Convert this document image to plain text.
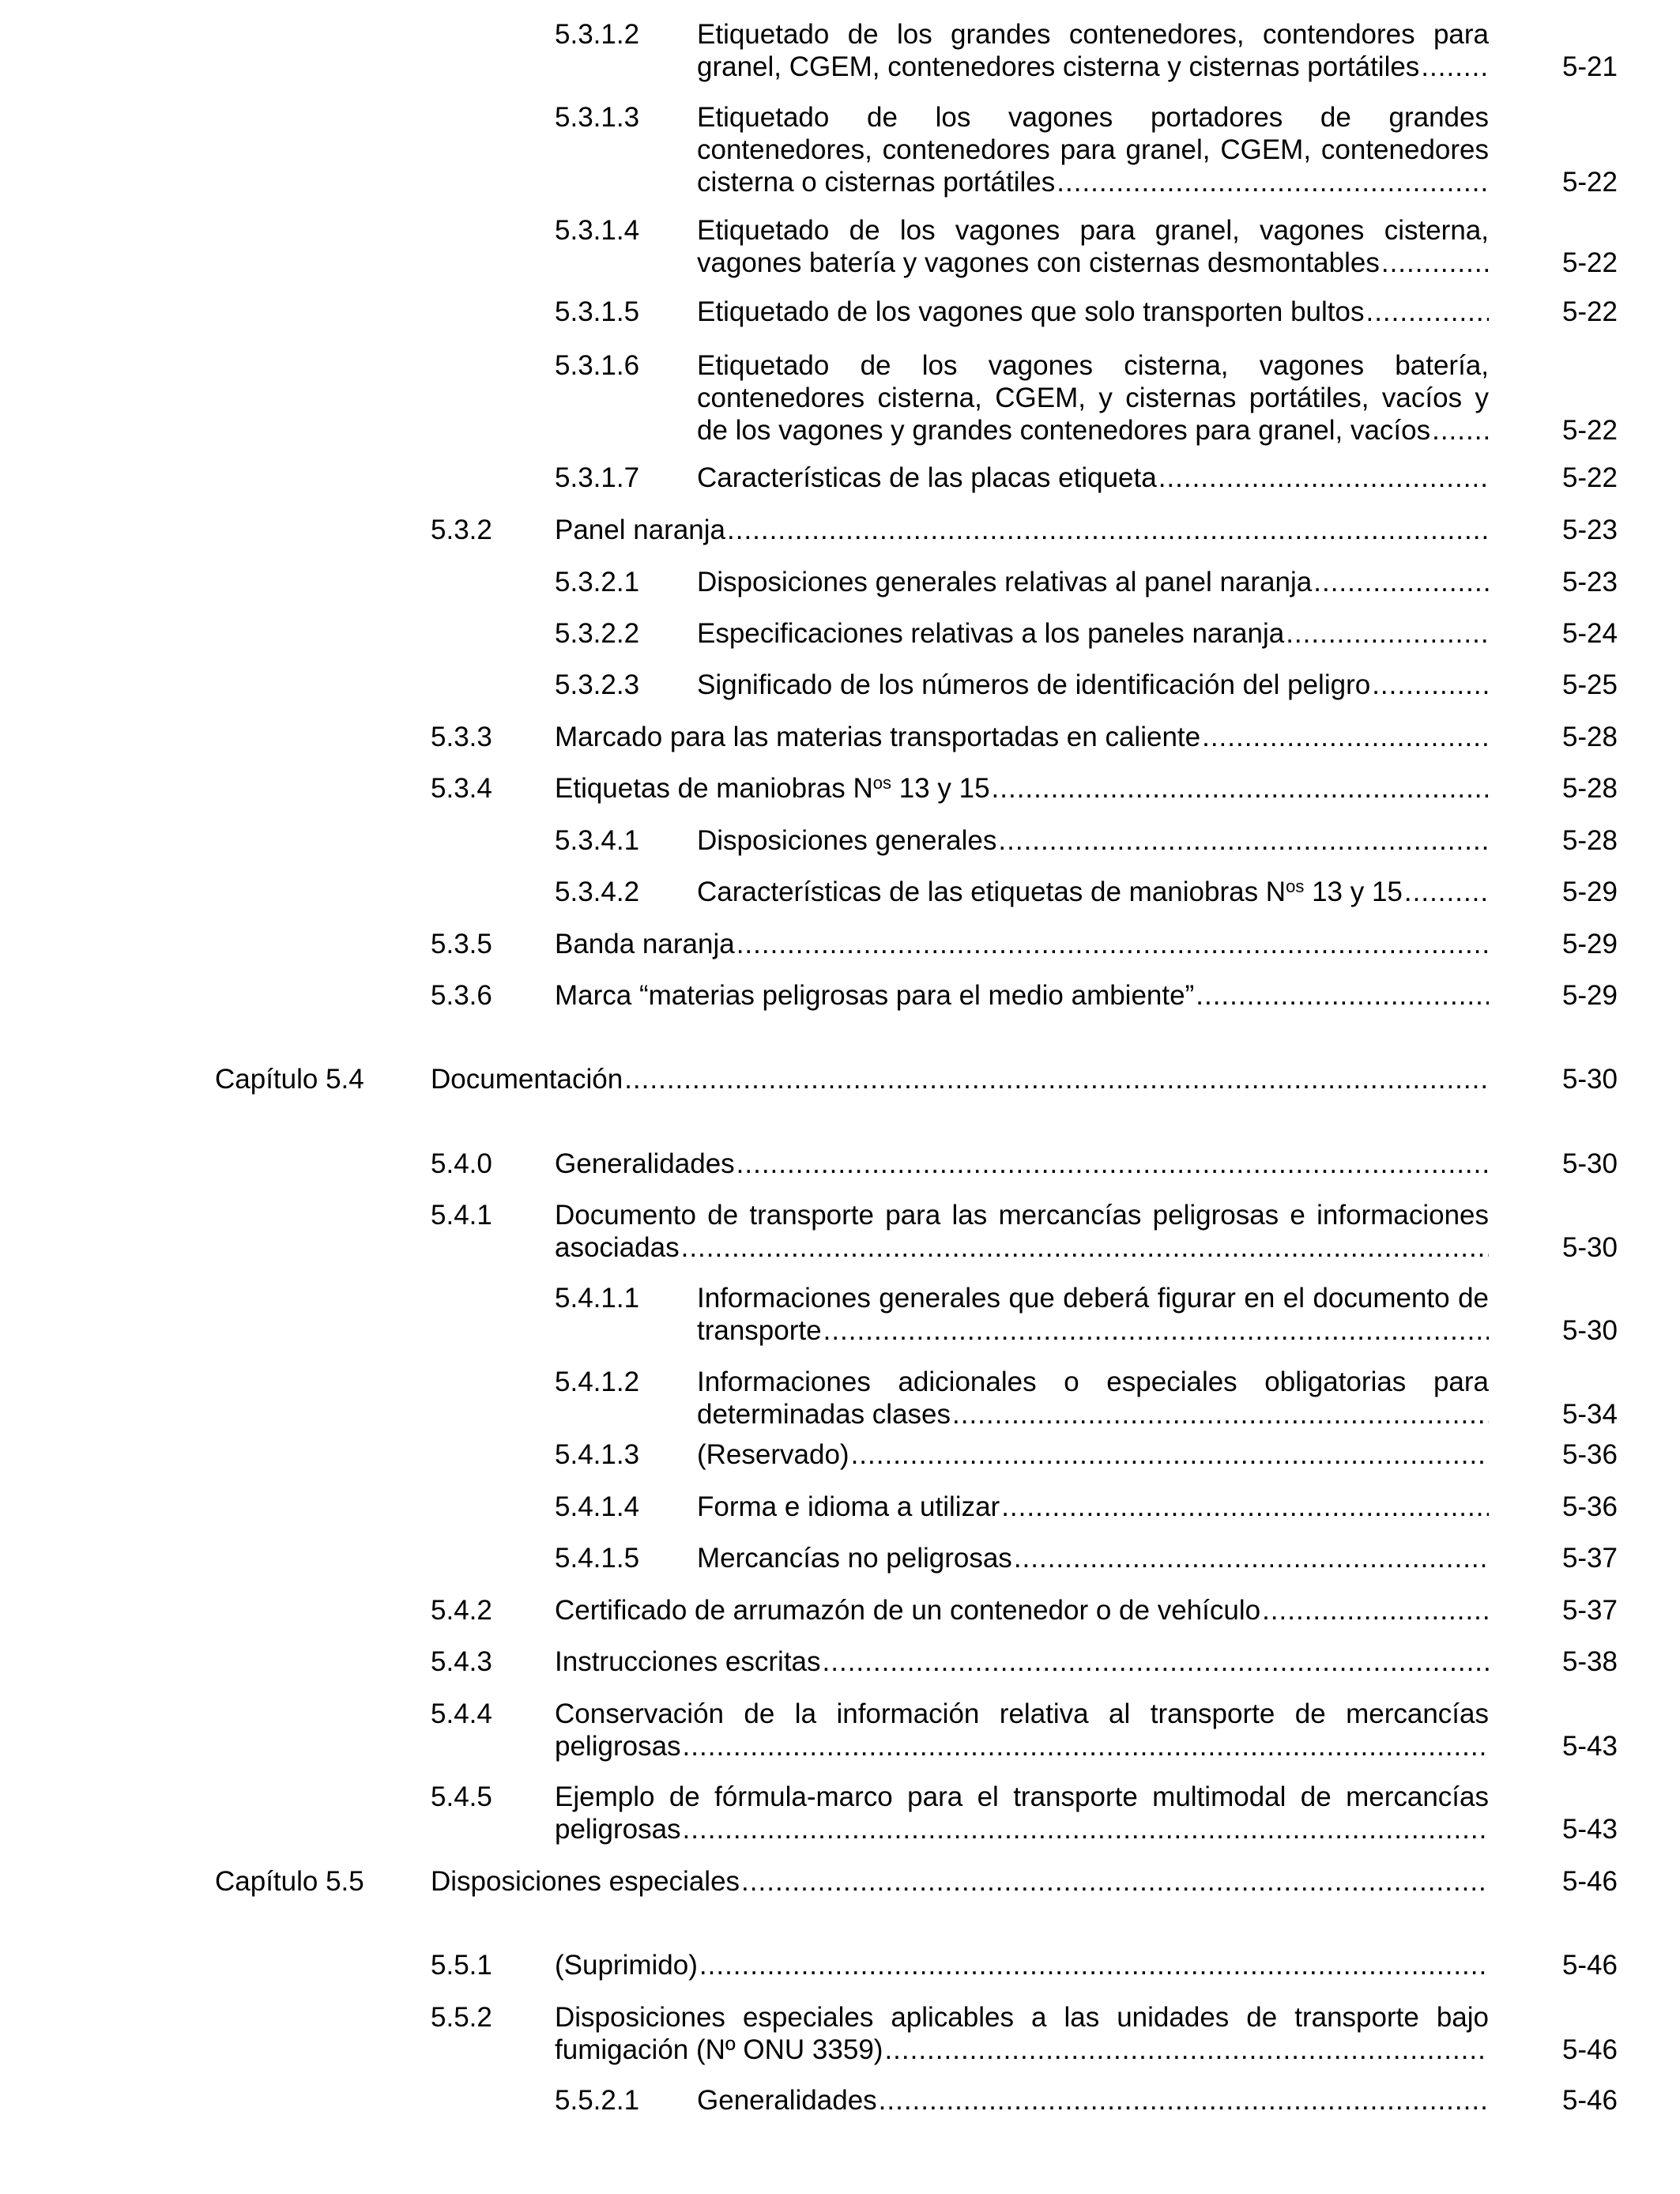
5.3.1.2 Etiquetado de los grandes contenedores, contendores para
granel, CGEM, contenedores cisterna y cisternas portátiles .....	5-21
5.3.1.3 Etiquetado de los vagones portadores de grandes
contenedores, contenedores para granel, CGEM, contenedores
cisterna o cisternas portátiles .....	5-22
5.3.1.4 Etiquetado de los vagones para granel, vagones cisterna,
vagones batería y vagones con cisternas desmontables .....	5-22
5.3.1.5 Etiquetado de los vagones que solo transporten bultos .....	5-22
5.3.1.6 Etiquetado de los vagones cisterna, vagones batería,
contenedores cisterna, CGEM, y cisternas portátiles, vacíos y
de los vagones y grandes contenedores para granel, vacíos .....	5-22
5.3.1.7 Características de las placas etiqueta .....	5-22
5.3.2 Panel naranja .....	5-23
5.3.2.1 Disposiciones generales relativas al panel naranja .....	5-23
5.3.2.2 Especificaciones relativas a los paneles naranja .....	5-24
5.3.2.3 Significado de los números de identificación del peligro .....	5-25
5.3.3 Marcado para las materias transportadas en caliente .....	5-28
5.3.4 Etiquetas de maniobras $N^{os}$ 13 y 15 .....	5-28
5.3.4.1 Disposiciones generales .....	5-28
5.3.4.2 Características de las etiquetas de maniobras $N^{os}$ 13 y 15 .....	5-29
5.3.5 Banda naranja .....	5-29
5.3.6 Marca “materias peligrosas para el medio ambiente” .....	5-29
Capítulo 5.4 Documentación .....	5-30
5.4.0 Generalidades .....	5-30
5.4.1 Documento de transporte para las mercancías peligrosas e informaciones
asociadas .....	5-30
5.4.1.1 Informaciones generales que deberá figurar en el documento de
transporte
.....	5-30
5.4.1.2 Informaciones adicionales o especiales obligatorias para
determinadas clases .....	5-34
5.4.1.3 (Reservado) .....	5-36
5.4.1.4 Forma e idioma a utilizar .....	5-36
5.4.1.5 Mercancías no peligrosas .....	5-37
5.4.2 Certificado de arrumazón de un contenedor o de vehículo .....	5-37
5.4.3 Instrucciones escritas .....	5-38
5.4.4 Conservación de la información relativa al transporte de mercancías
peligrosas .....	5-43
5.4.5 Ejemplo de fórmula-marco para el transporte multimodal de mercancías
peligrosas .....	5-43
Capítulo 5.5 Disposiciones especiales .....	5-46
5.5.1 (Suprimido) .....	5-46
5.5.2 Disposiciones especiales aplicables a las unidades de transporte bajo
fumigación (Nº ONU 3359) .....	5-46
5.5.2.1 Generalidades .....	5-46
